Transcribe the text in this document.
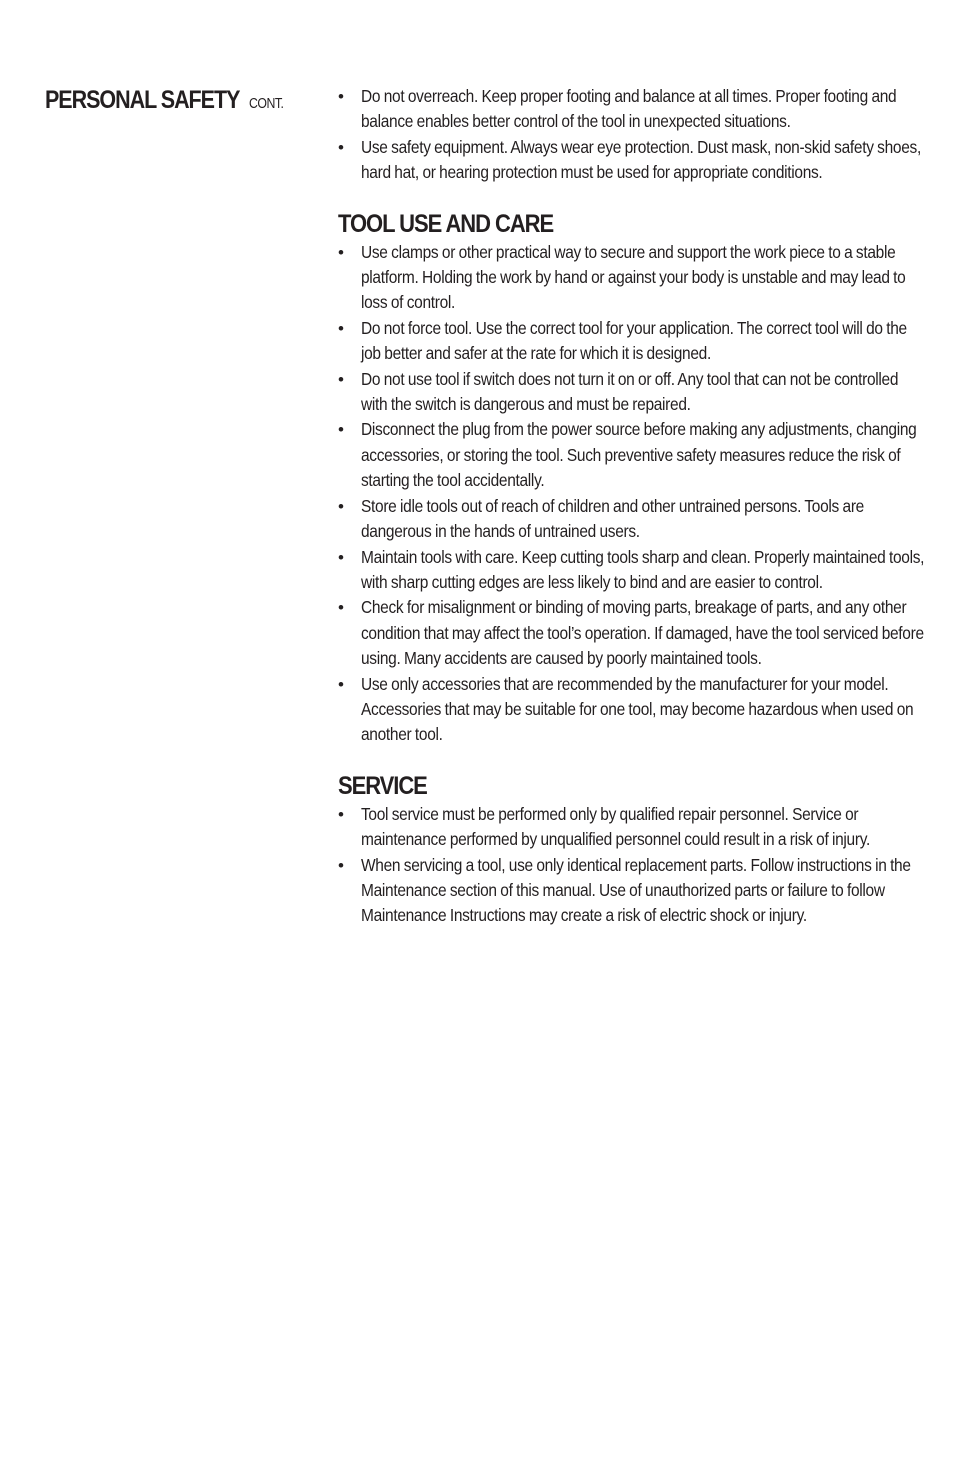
PERSONAL SAFETY CONT.	• Do not overreach. Keep proper footing and balance at all times. Proper footing and balance enables better control of the tool in unexpected situations.
• Use safety equipment. Always wear eye protection. Dust mask, non-skid safety shoes, hard hat, or hearing protection must be used for appropriate conditions.
TOOL USE AND CARE
• Use clamps or other practical way to secure and support the work piece to a stable platform. Holding the work by hand or against your body is unstable and may lead to loss of control.
• Do not force tool. Use the correct tool for your application. The correct tool will do the job better and safer at the rate for which it is designed.
• Do not use tool if switch does not turn it on or off. Any tool that can not be controlled with the switch is dangerous and must be repaired.
• Disconnect the plug from the power source before making any adjustments, changing accessories, or storing the tool. Such preventive safety measures reduce the risk of starting the tool accidentally.
• Store idle tools out of reach of children and other untrained persons. Tools are dangerous in the hands of untrained users.
• Maintain tools with care. Keep cutting tools sharp and clean. Properly maintained tools, with sharp cutting edges are less likely to bind and are easier to control.
• Check for misalignment or binding of moving parts, breakage of parts, and any other condition that may affect the tool’s operation. If damaged, have the tool serviced before using. Many accidents are caused by poorly maintained tools.
• Use only accessories that are recommended by the manufacturer for your model. Accessories that may be suitable for one tool, may become hazardous when used on another tool.
SERVICE
• Tool service must be performed only by qualified repair personnel. Service or maintenance performed by unqualified personnel could result in a risk of injury.
• When servicing a tool, use only identical replacement parts. Follow instructions in the Maintenance section of this manual. Use of unauthorized parts or failure to follow Maintenance Instructions may create a risk of electric shock or injury.
